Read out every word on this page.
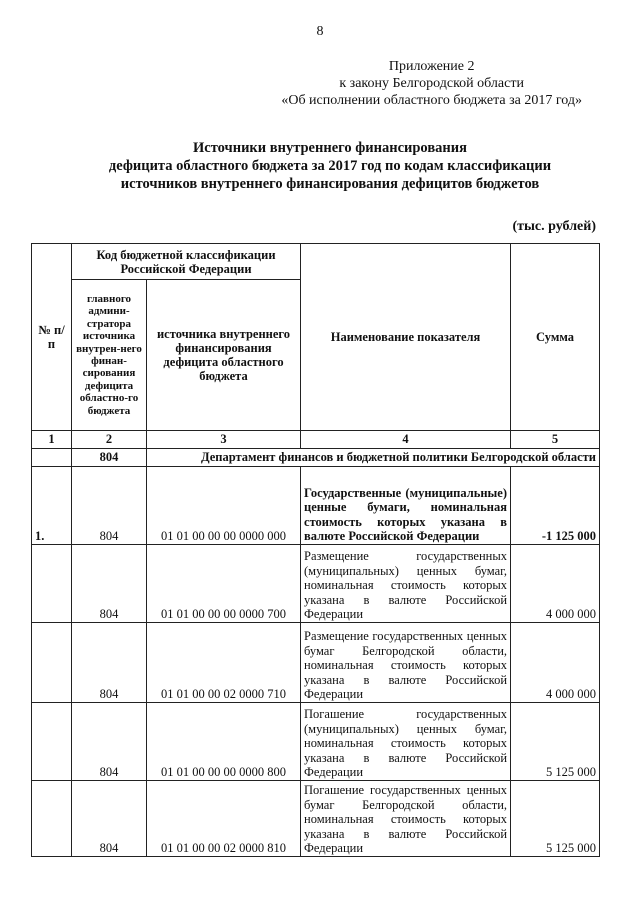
8
Приложение 2
к закону Белгородской области
«Об исполнении областного бюджета за 2017 год»
Источники внутреннего финансирования
дефицита областного бюджета за 2017 год по кодам классификации
источников внутреннего финансирования дефицитов бюджетов
(тыс. рублей)
№ п/п	Код бюджетной классификации Российской Федерации		Наименование показателя	Сумма
	главного админи-стратора источника внутрен-него финан-сирования дефицита областно-го бюджета	источника внутреннего финансирования дефицита областного бюджета		
1	2	3	4	5
	804	Департамент финансов и бюджетной политики Белгородской области		
1.	804	01 01 00 00 00 0000 000	Государственные (муниципальные) ценные бумаги, номинальная стоимость которых указана в валюте Российской Федерации	-1 125 000
	804	01 01 00 00 00 0000 700	Размещение государственных (муниципальных) ценных бумаг, номинальная стоимость которых указана в валюте Российской Федерации	4 000 000
	804	01 01 00 00 02 0000 710	Размещение государственных ценных бумаг Белгородской области, номинальная стоимость которых указана в валюте Российской Федерации	4 000 000
	804	01 01 00 00 00 0000 800	Погашение государственных (муниципальных) ценных бумаг, номинальная стоимость которых указана в валюте Российской Федерации	5 125 000
	804	01 01 00 00 02 0000 810	Погашение государственных ценных бумаг Белгородской области, номинальная стоимость которых указана в валюте Российской Федерации	5 125 000
